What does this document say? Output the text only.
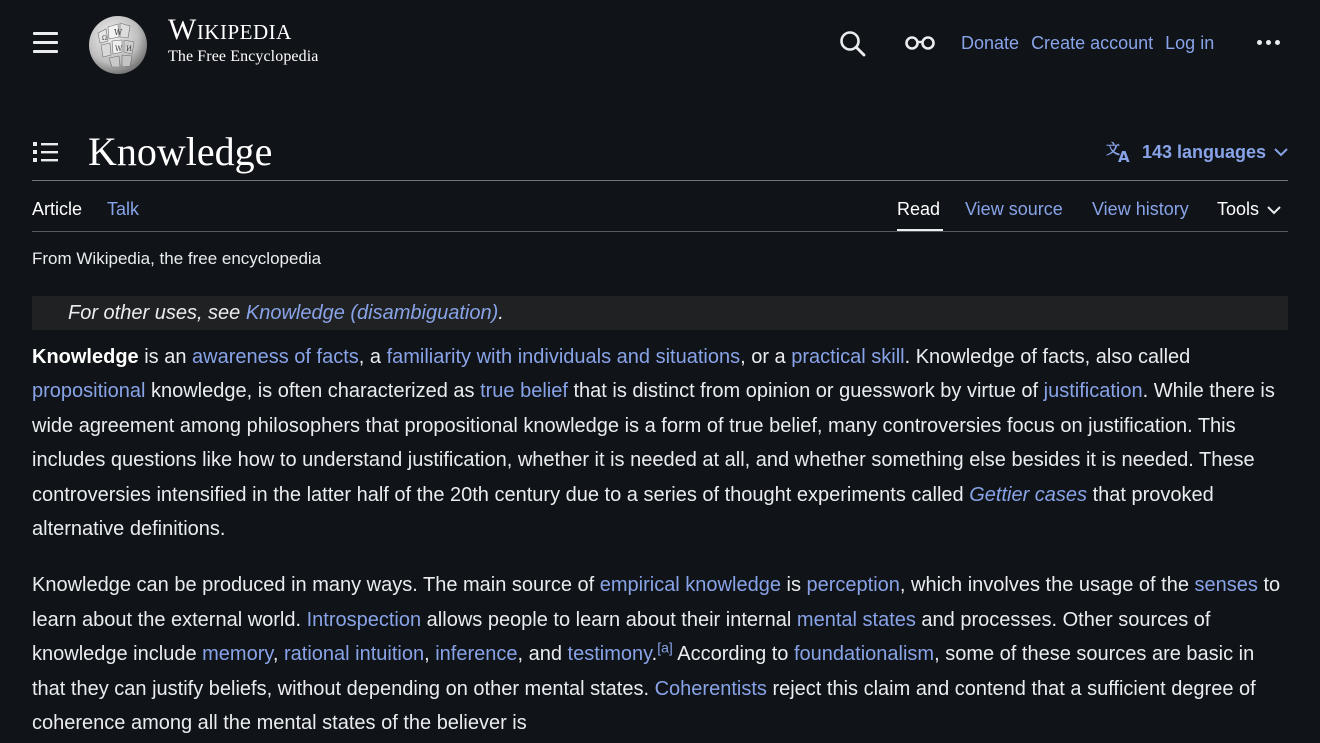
W
Ω
И
W
Wikipedia
The Free Encyclopedia
Donate Create account Log in
Knowledge	文
A 143 languages
Article Talk	Read View source View history Tools
From Wikipedia, the free encyclopedia
For other uses, see Knowledge (disambiguation).

Knowledge is an awareness of facts, a familiarity with individuals and situations, or a practical skill. Knowledge of facts, also called propositional knowledge, is often characterized as true belief that is distinct from opinion or guesswork by virtue of justification. While there is wide agreement among philosophers that propositional knowledge is a form of true belief, many controversies focus on justification. This includes questions like how to understand justification, whether it is needed at all, and whether something else besides it is needed. These controversies intensified in the latter half of the 20th century due to a series of thought experiments called Gettier cases that provoked alternative definitions.

Knowledge can be produced in many ways. The main source of empirical knowledge is perception, which involves the usage of the senses to learn about the external world. Introspection allows people to learn about their internal mental states and processes. Other sources of knowledge include memory, rational intuition, inference, and testimony.[a] According to foundationalism, some of these sources are basic in that they can justify beliefs, without depending on other mental states. Coherentists reject this claim and contend that a sufficient degree of coherence among all the mental states of the believer is
